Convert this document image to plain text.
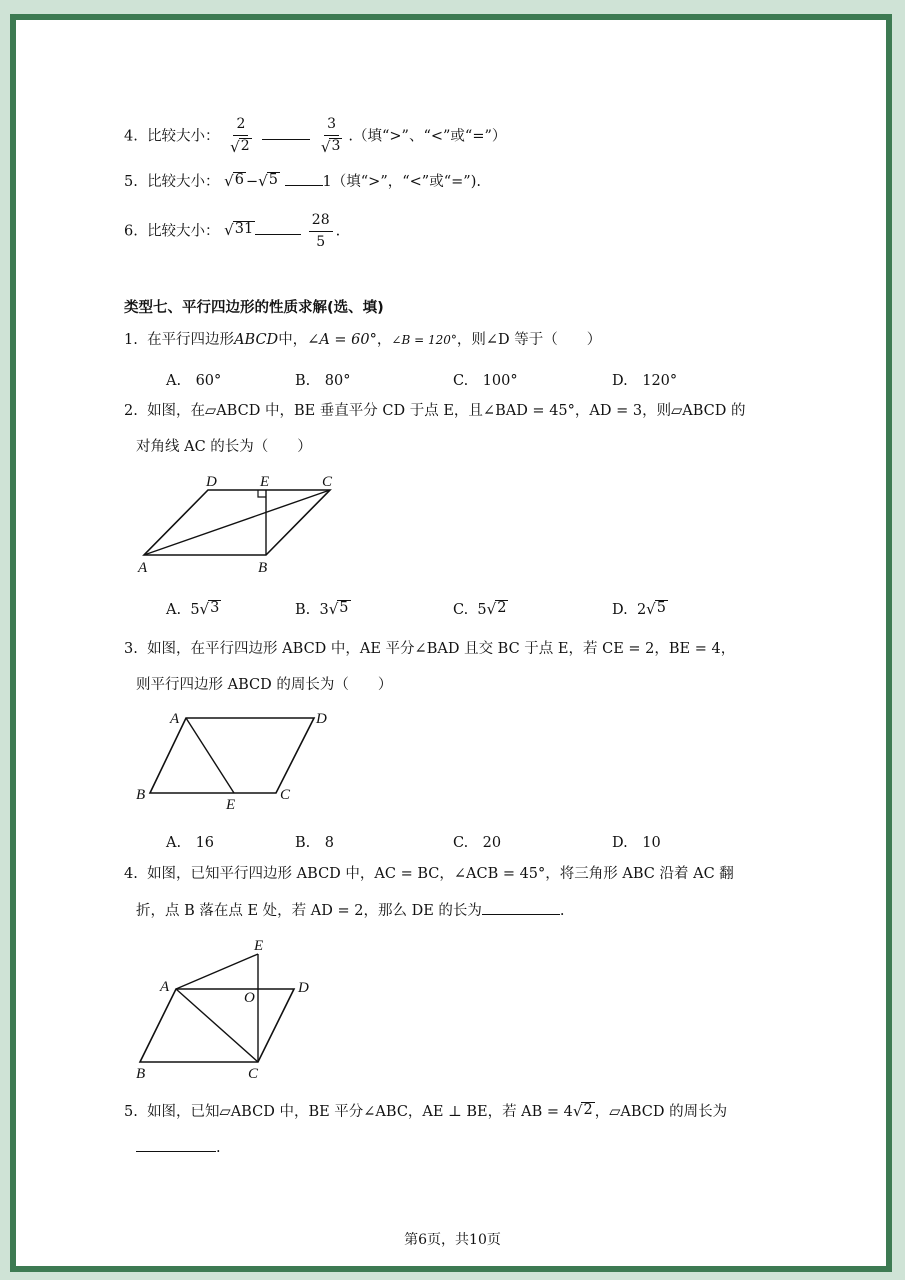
4. 比较大小： $\frac{2}{√ 2}$
	$\frac{3}{√ 3}$ .（填“>”、“<”或“=”）
5. 比较大小： √ 6 − √ 5	1（填“>”，“<”或“=”).
6. 比较大小： √ 31
	$\frac{28}{5}$ .
类型七、平行四边形的性质求解(选、填)
1. 在平行四边形ABCD中，∠A = 60°，∠B = 120°，则∠D 等于（　　）
A.　60°	B.　80°	C.　100°	D.　120°
2. 如图，在▱ABCD 中，BE 垂直平分 CD 于点 E，且∠BAD = 45°，AD = 3，则▱ABCD 的
对角线 AC 的长为（　　）
D	E	C
A	B
A. 5 √ 3	B. 3 √ 5	C. 5 √ 2	D. 2 √ 5
3. 如图，在平行四边形 ABCD 中，AE 平分∠BAD 且交 BC 于点 E，若 CE = 2，BE = 4，
则平行四边形 ABCD 的周长为（　　）
A	D
B
E
C
A.　16	B.　8	C.　20	D.　10
4. 如图，已知平行四边形 ABCD 中，AC = BC，∠ACB = 45°，将三角形 ABC 沿着 AC 翻
折，点 B 落在点 E 处，若 AD = 2，那么 DE 的长为	.
E
A
O
D
B	C
5. 如图，已知▱ABCD 中，BE 平分∠ABC，AE ⊥ BE，若 AB = 4 √ 2 ，▱ABCD 的周长为
.
第6页，共10页
